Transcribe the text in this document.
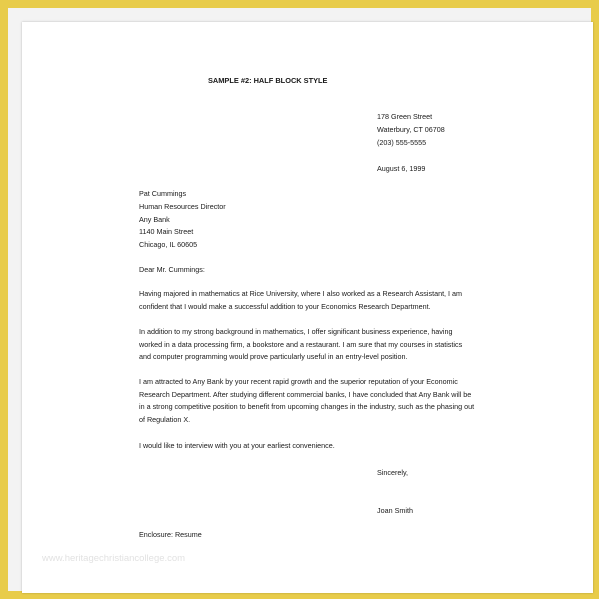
SAMPLE #2: HALF BLOCK STYLE
178 Green Street
Waterbury, CT 06708
(203) 555-5555
August 6, 1999
Pat Cummings
Human Resources Director
Any Bank
1140 Main Street
Chicago, IL 60605
Dear Mr. Cummings:
Having majored in mathematics at Rice University, where I also worked as a Research Assistant, I am
confident that I would make a successful addition to your Economics Research Department.
In addition to my strong background in mathematics, I offer significant business experience, having
worked in a data processing firm, a bookstore and a restaurant. I am sure that my courses in statistics
and computer programming would prove particularly useful in an entry-level position.
I am attracted to Any Bank by your recent rapid growth and the superior reputation of your Economic
Research Department. After studying different commercial banks, I have concluded that Any Bank will be
in a strong competitive position to benefit from upcoming changes in the industry, such as the phasing out
of Regulation X.
I would like to interview with you at your earliest convenience.
Sincerely,
Joan Smith
Enclosure: Resume
www.heritagechristiancollege.com
